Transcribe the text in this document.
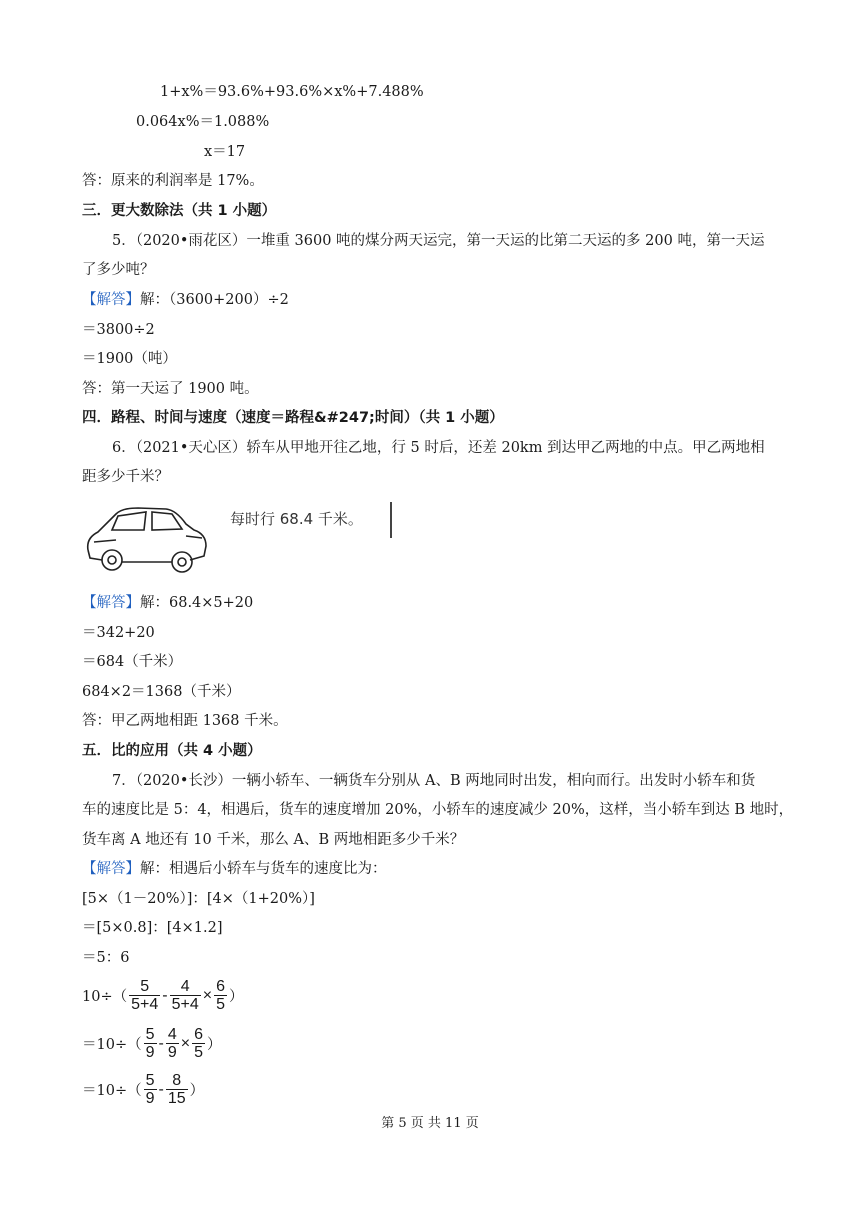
1+x%＝93.6%+93.6%×x%+7.488%
0.064x%＝1.088%
x＝17
答：原来的利润率是 17%。
三．更大数除法（共 1 小题）
5．（2020•雨花区）一堆重 3600 吨的煤分两天运完，第一天运的比第二天运的多 200 吨，第一天运
了多少吨？
【解答】解：（3600+200）÷2
＝3800÷2
＝1900（吨）
答：第一天运了 1900 吨。
四．路程、时间与速度（速度＝路程&#247;时间）（共 1 小题）
6．（2021•天心区）轿车从甲地开往乙地，行 5 时后，还差 20km 到达甲乙两地的中点。甲乙两地相
距多少千米？
每时行 68.4 千米。
【解答】解：68.4×5+20
＝342+20
＝684（千米）
684×2＝1368（千米）
答：甲乙两地相距 1368 千米。
五．比的应用（共 4 小题）
7．（2020•长沙）一辆小轿车、一辆货车分别从 A、B 两地同时出发，相向而行。出发时小轿车和货
车的速度比是 5：4，相遇后，货车的速度增加 20%，小轿车的速度减少 20%，这样，当小轿车到达 B 地时，
货车离 A 地还有 10 千米，那么 A、B 两地相距多少千米？
【解答】解：相遇后小轿车与货车的速度比为：
[5×（1－20%）]：[4×（1+20%）]
＝[5×0.8]：[4×1.2]
＝5：6
10÷（
5
5+4
- $\frac{4}{5+4} \times \frac{6}{5}$ ）
＝10÷（
5
9
- $\frac{4}{9} \times \frac{6}{5}$ ）
＝10÷（
5
9
- 8
15 ）
第 5 页 共 11 页
